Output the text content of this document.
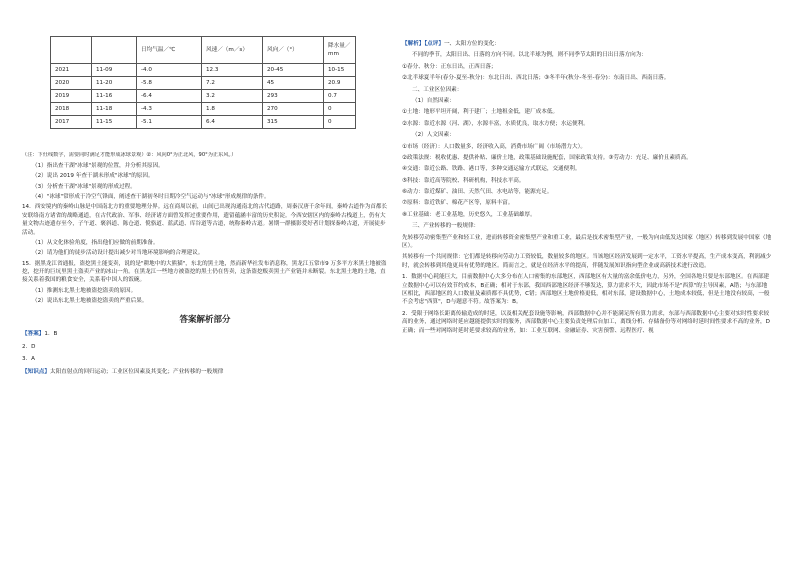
		日均气温／℃	风速／（m／s）	风向／（°）	降水量／mm
2021	11-09	-4.0	12.3	20-45	10-15
2020	11-20	-5.8	7.2	45	20.9
2019	11-16	-6.4	3.2	293	0.7
2018	11-18	-4.3	1.8	270	0
2017	11-15	-5.1	6.4	315	0
（注：下灶线数字，需要同时满足才能形成冰球景观）②：风向0°为正北风，90°为正东风。）
（1）指出查干湖"冰球"景观的位置，并分析其原因。
（2）说出 2019 年查干湖未形成"冰球"的原因。
（3）分析查干湖"冰球"景观的形成过程。
（4）"冰球"常形成于冷空气锋面，阐述查干湖初冬时日期冷空气运动与"冰球"形成规律的条件。
14．西安境内的秦岭山脉是中国南北方的重要地理分界。远在商周以前，山间已出现沟通南北的古代道路，周秦汉唐千余年间，秦岭古道作为首都长安联络南方诸省的战略通道，在古代政治、军事、经济诸方面曾发挥过重要作用，遗留蕴涵丰富的历史积淀。今西安辖区内的秦岭古栈道上，仍有大量文物古迹遗存至今，子午道、褒斜道、陈仓道、傥骆道、蓝武道、库谷道等古道，统称秦岭古道。暑期一群摄影爱好者计划探秦岭古道，开展徒步活动。
（1）从文化体验角度，指出他们应做的前期准备。
（2）请为他们的徒步活动设计提出减少对当地环境影响的合理建议。
15．据黑龙江省通报，盗挖黑土能变卖，说的是"耕地中的大熊猫"，东北的黑土地，然而新华社发布消息称，黑龙江五常市9 万多平方米黑土地被盗挖，挖开的巨坑里黑土盗卖产业的冰山一角。在黑龙江一些地方被盗挖的黑土仍在售卖，这条盗挖贩卖黑土产业链并未断裂。东北黑土地的土地，直接关系着我国的粮食安全，关系着中国人的饭碗。
（1）推测东北黑土地被盗挖盗卖的原因。
（2）说出东北黑土地被盗挖盗卖的严重后果。
答案解析部分
【答案】1．B
2．D
3．A
【知识点】太阳直射点的回归运动；工业区位因素及其变化；产业转移的一般规律
【解析】【点评】一、太阳方位的变化：
不同的季节，太阳日出、日落的方向不同。以北半球为例，则不同季节太阳的日出日落方向为：
①春分、秋分：正东日出，正西日落；
②北半球夏半年(春分-夏至-秋分)：东北日出、西北日落；③冬半年(秋分-冬至-春分)：东南日出、西南日落。
二、工业区位因素：
（1）自然因素：
①土地：地形平坦开阔，利于建厂；土地租金低，建厂成本低。
②水源：靠近水源（河、湖），水源丰富，水质优良，取水方便；水运便利。
（2）人文因素：
①市场（经济）：人口数量多，经济收入高，消费市场广阔（市场潜力大）。
②政策法规：税收优惠、提供补贴、廉价土地，政策基础设施配套，国家政策支持。③劳动力：充足、廉价且素质高。
④交通：靠近公路、铁路、港口等，多种交通运输方式联运，交通便利。
⑤科技：靠近高等院校、科研机构，科技水平高。
⑥动力：靠近煤矿、油田、天然气田、水电站等，能源充足。
⑦原料：靠近铁矿、棉花产区等，原料丰富。
⑧工业基础：老工业基地，历史悠久，工业基础雄厚。
三、产业转移的一般规律：
先转移劳动密集型产业和轻工业，进而转移资金密集型产业和重工业，最后是技术密集型产业，一般为向由低发达国家（地区）转移到发展中国家（地区）。
其转移有一个共同规律：它们都是转移向劳动力工资较低，数量较多的地区。当该地区经济发展到一定水平，工资水平提高，生产成本变高，利润减少时，就会转移到其他更具有优势的地区。简而言之，就是在经济水平的提高，伴随发展知识指向型企业或高新技术进行改造。
1．数据中心耗能巨大，目前数据中心大多分布在人口密集的东部地区，西部地区有大量的富余低价电力，另外，全国各地只要是东部地区。在西部建立数据中心可以有效节约成本，B正确；相对于东部，我国西部地区经济不够发达，算力需求不大，因此市场不是"西算"的主导因素，A错；与东部地区相比，西部地区的人口数量及素质都不具优势，C错；西部地区土地价格更低，相对东部，建设数据中心，土地成本较低，但是土地没有较高，一般不会考虑"西算"，D与题意不符。故答案为：B。
2．受限于网络长距离传输造成的时延，以及相关配套设施等影响，西部数据中心并不能满足所有算力需求，东部与西部数据中心主要对实时性要求较高的业务，通过网络时延应越能提供实时的服务，西部数据中心主要负责处理后台加工，离线分析、存储备份等对网络时延时间性要求不高的业务，D正确；而一些对网络时延时延要求较高的业务，如：工业互联网、金融证券、灾害预警、远程医疗、视
